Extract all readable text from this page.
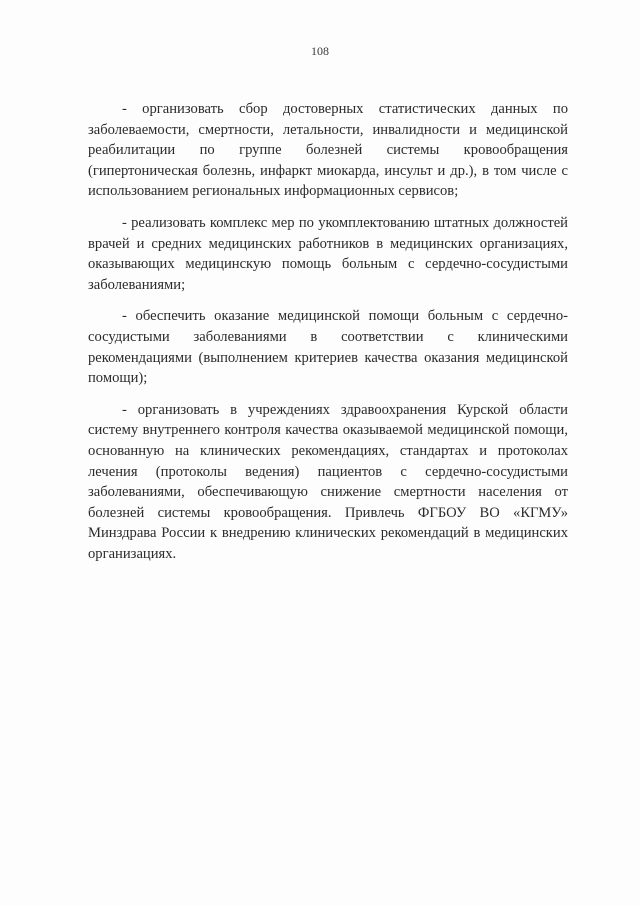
108

- организовать сбор достоверных статистических данных по заболеваемости, смертности, летальности, инвалидности и медицинской реабилитации по группе болезней системы кровообращения (гипертоническая болезнь, инфаркт миокарда, инсульт и др.), в том числе с использованием региональных информационных сервисов;

- реализовать комплекс мер по укомплектованию штатных должностей врачей и средних медицинских работников в медицинских организациях, оказывающих медицинскую помощь больным с сердечно-сосудистыми заболеваниями;

- обеспечить оказание медицинской помощи больным с сердечно-сосудистыми заболеваниями в соответствии с клиническими рекомендациями (выполнением критериев качества оказания медицинской помощи);

- организовать в учреждениях здравоохранения Курской области систему внутреннего контроля качества оказываемой медицинской помощи, основанную на клинических рекомендациях, стандартах и протоколах лечения (протоколы ведения) пациентов с сердечно-сосудистыми заболеваниями, обеспечивающую снижение смертности населения от болезней системы кровообращения. Привлечь ФГБОУ ВО «КГМУ» Минздрава России к внедрению клинических рекомендаций в медицинских организациях.
